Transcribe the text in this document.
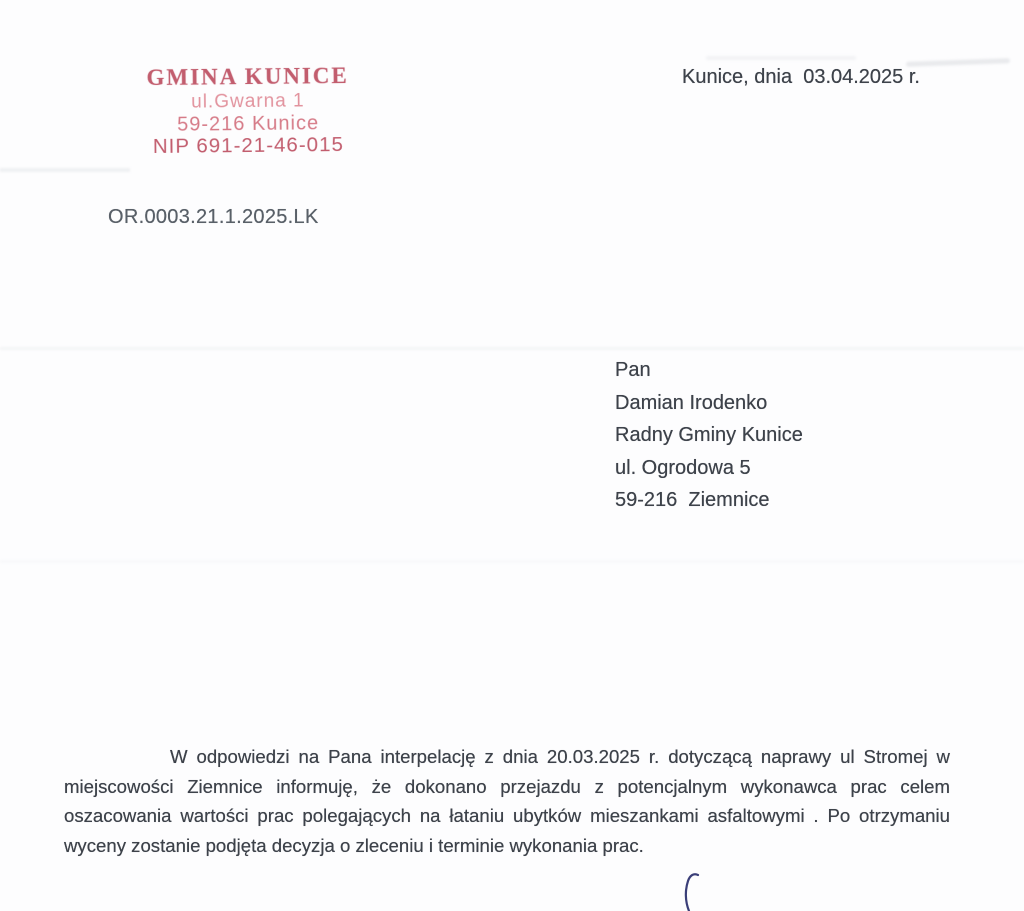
GMINA KUNICE
ul.Gwarna 1
59-216 Kunice
NIP 691-21-46-015
Kunice, dnia  03.04.2025 r.
OR.0003.21.1.2025.LK
Pan
Damian Irodenko
Radny Gminy Kunice
ul. Ogrodowa 5
59-216  Ziemnice
W odpowiedzi na Pana interpelację z dnia 20.03.2025 r. dotyczącą naprawy ul Stromej w
miejscowości Ziemnice informuję, że dokonano przejazdu z potencjalnym wykonawca prac celem
oszacowania wartości prac polegających na łataniu ubytków mieszankami asfaltowymi . Po otrzymaniu
wyceny zostanie podjęta decyzja o zleceniu i terminie wykonania prac.
